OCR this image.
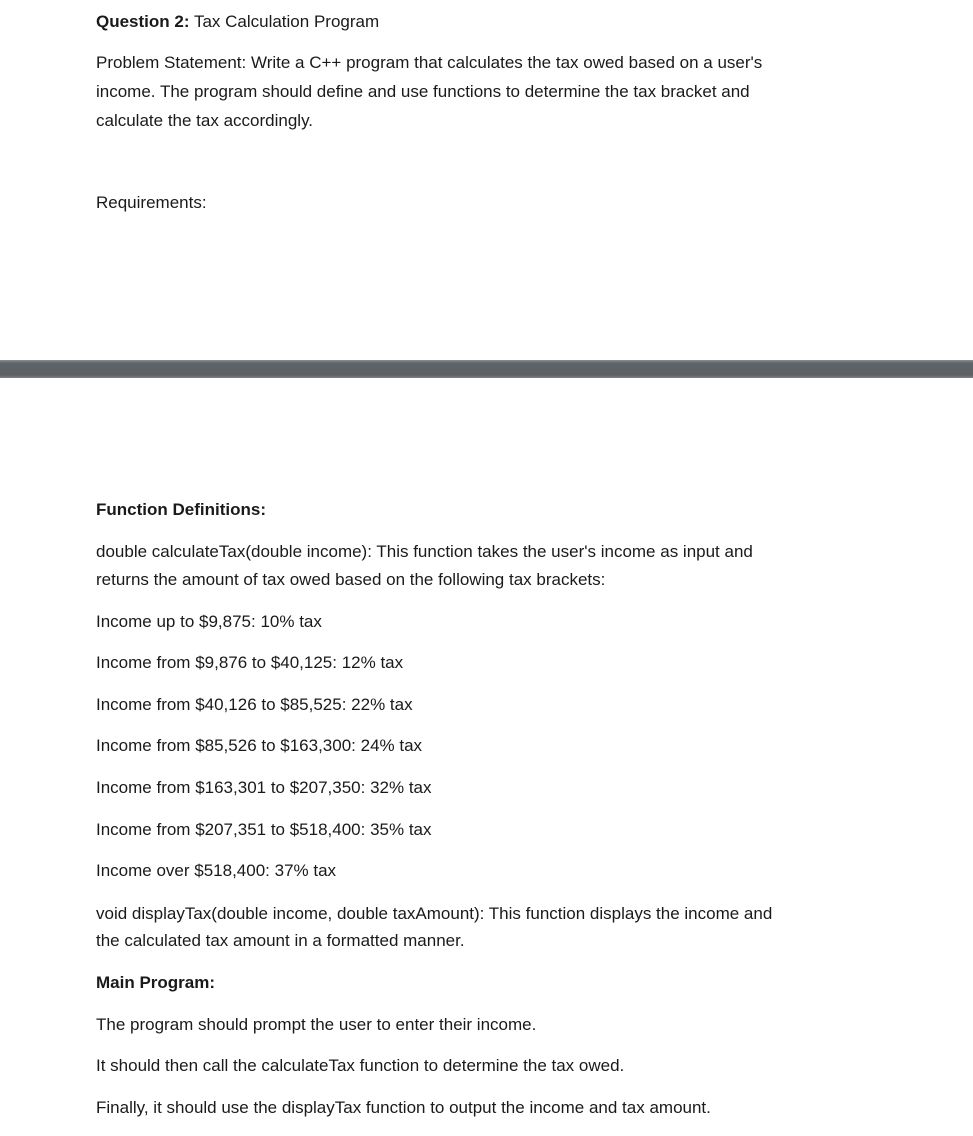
Question 2: Tax Calculation Program

Problem Statement: Write a C++ program that calculates the tax owed based on a user's

income. The program should define and use functions to determine the tax bracket and

calculate the tax accordingly.

Requirements:

Function Definitions:

double calculateTax(double income): This function takes the user's income as input and

returns the amount of tax owed based on the following tax brackets:

Income up to $9,875: 10% tax

Income from $9,876 to $40,125: 12% tax

Income from $40,126 to $85,525: 22% tax

Income from $85,526 to $163,300: 24% tax

Income from $163,301 to $207,350: 32% tax

Income from $207,351 to $518,400: 35% tax

Income over $518,400: 37% tax

void displayTax(double income, double taxAmount): This function displays the income and

the calculated tax amount in a formatted manner.

Main Program:

The program should prompt the user to enter their income.

It should then call the calculateTax function to determine the tax owed.

Finally, it should use the displayTax function to output the income and tax amount.
